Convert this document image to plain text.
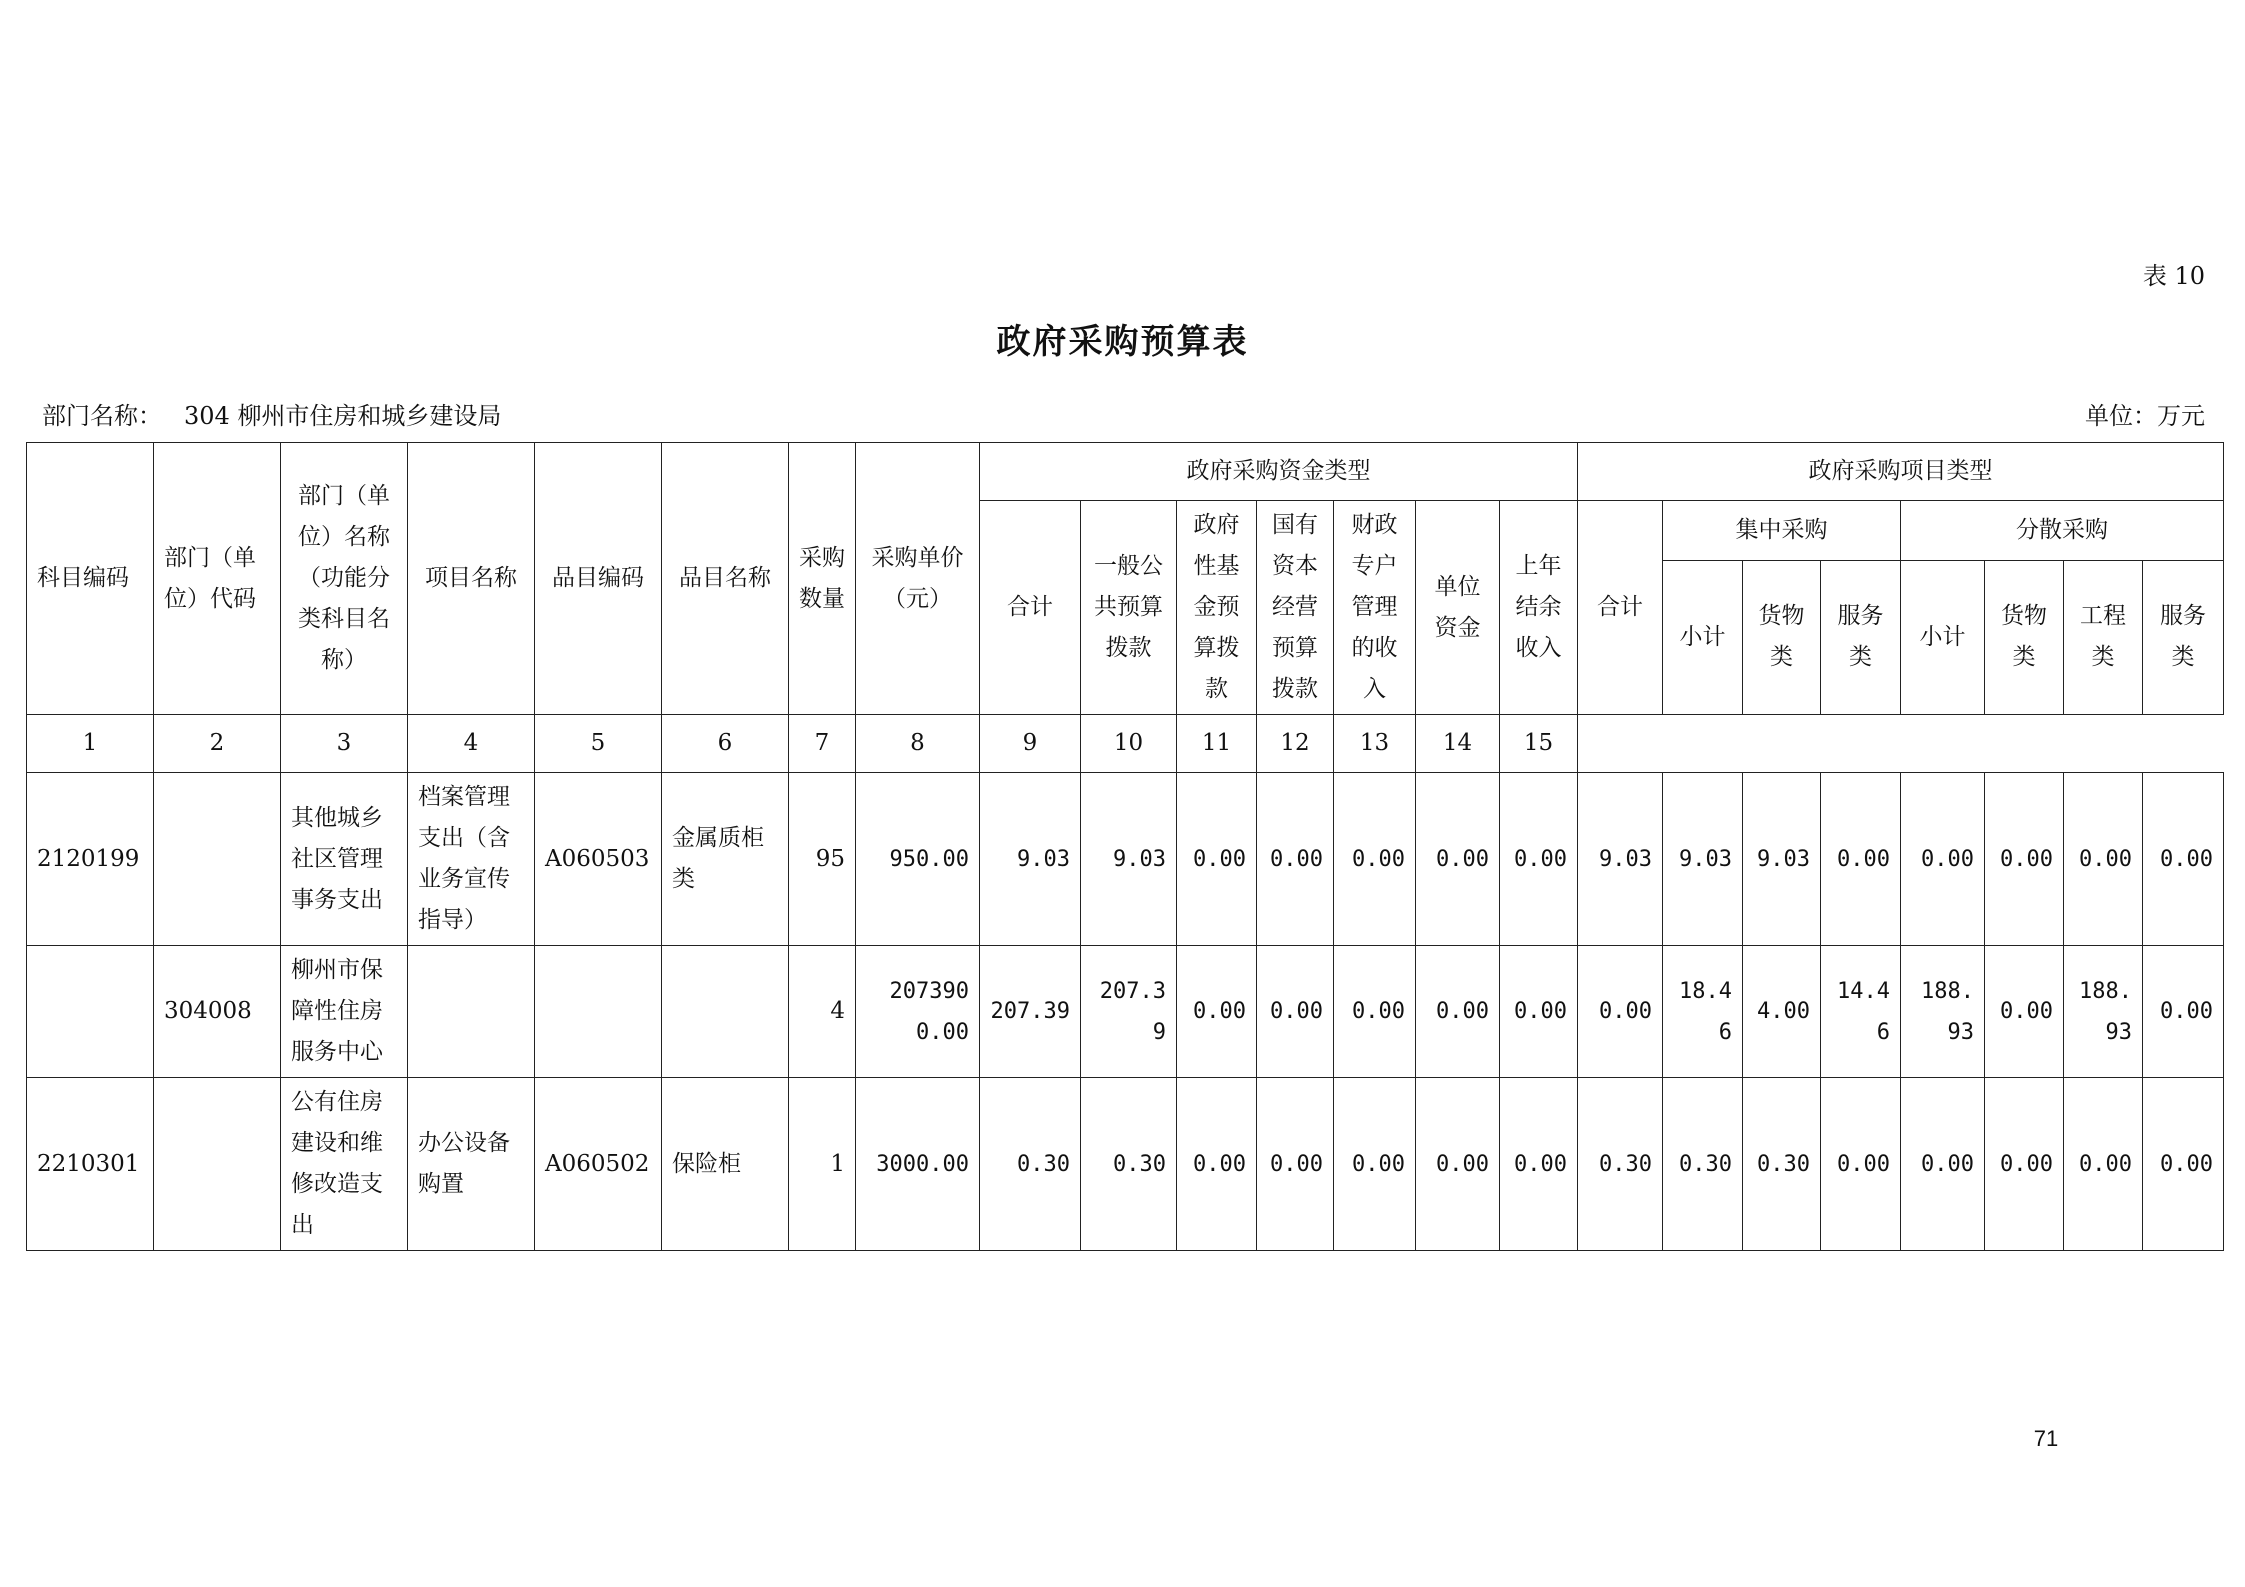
表 10
政府采购预算表
部门名称： 304 柳州市住房和城乡建设局	单位：万元
科目编码	部门（单位）代码	部门（单位）名称（功能分类科目名称）	项目名称	品目编码	品目名称	采购数量	采购单价（元）	政府采购资金类型							政府采购项目类型							
								合计	一般公共预算拨款	政府性基金预算拨款	国有资本经营预算拨款	财政专户管理的收入	单位资金	上年结余收入	合计	集中采购			分散采购			
																小计	货物类	服务类	小计	货物类	工程类	服务类
1	2	3	4	5	6	7	8	9	10	11	12	13	14	15								
2120199		其他城乡社区管理事务支出	档案管理支出（含业务宣传指导）	A060503	金属质柜类	95	950.00	9.03	9.03	0.00	0.00	0.00	0.00	0.00	9.03	9.03	9.03	0.00	0.00	0.00	0.00	0.00
	304008	柳州市保障性住房服务中心				4	2073900.00	207.39	207.39	0.00	0.00	0.00	0.00	0.00	0.00	18.46	4.00	14.46	188.93	0.00	188.93	0.00
2210301		公有住房建设和维修改造支出	办公设备购置	A060502	保险柜	1	3000.00	0.30	0.30	0.00	0.00	0.00	0.00	0.00	0.30	0.30	0.30	0.00	0.00	0.00	0.00	0.00
71
